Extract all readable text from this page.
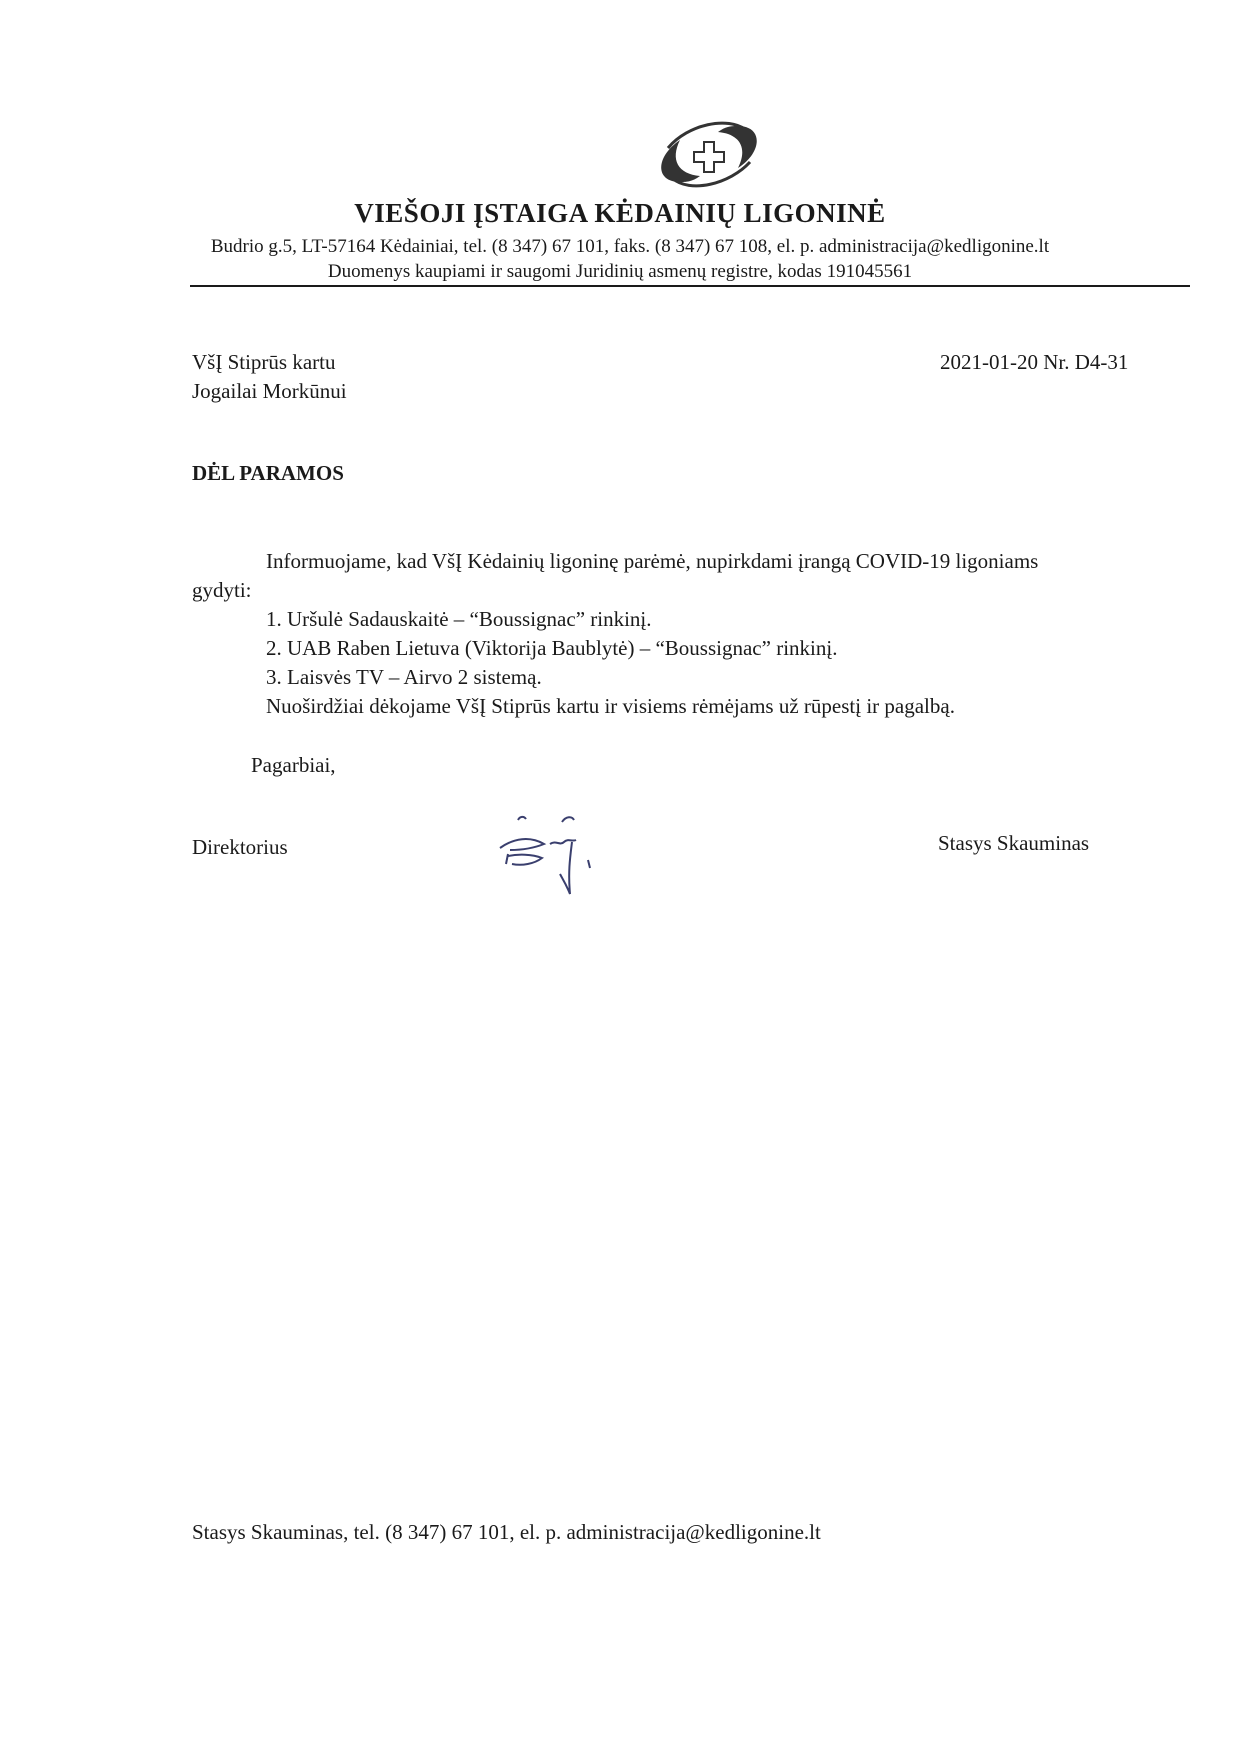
VIEŠOJI ĮSTAIGA KĖDAINIŲ LIGONINĖ
Budrio g.5, LT-57164 Kėdainiai, tel. (8 347) 67 101, faks. (8 347) 67 108, el. p. administracija@kedligonine.lt
Duomenys kaupiami ir saugomi Juridinių asmenų registre, kodas 191045561
VšĮ Stiprūs kartu
Jogailai Morkūnui
2021-01-20 Nr. D4-31
DĖL PARAMOS
Informuojame, kad VšĮ Kėdainių ligoninę parėmė, nupirkdami įrangą COVID-19 ligoniams
gydyti:
1. Uršulė Sadauskaitė – “Boussignac” rinkinį.
2. UAB Raben Lietuva (Viktorija Baublytė) – “Boussignac” rinkinį.
3. Laisvės TV – Airvo 2 sistemą.
Nuoširdžiai dėkojame VšĮ Stiprūs kartu ir visiems rėmėjams už rūpestį ir pagalbą.
Pagarbiai,
Direktorius	Stasys Skauminas
Stasys Skauminas, tel. (8 347) 67 101, el. p. administracija@kedligonine.lt
